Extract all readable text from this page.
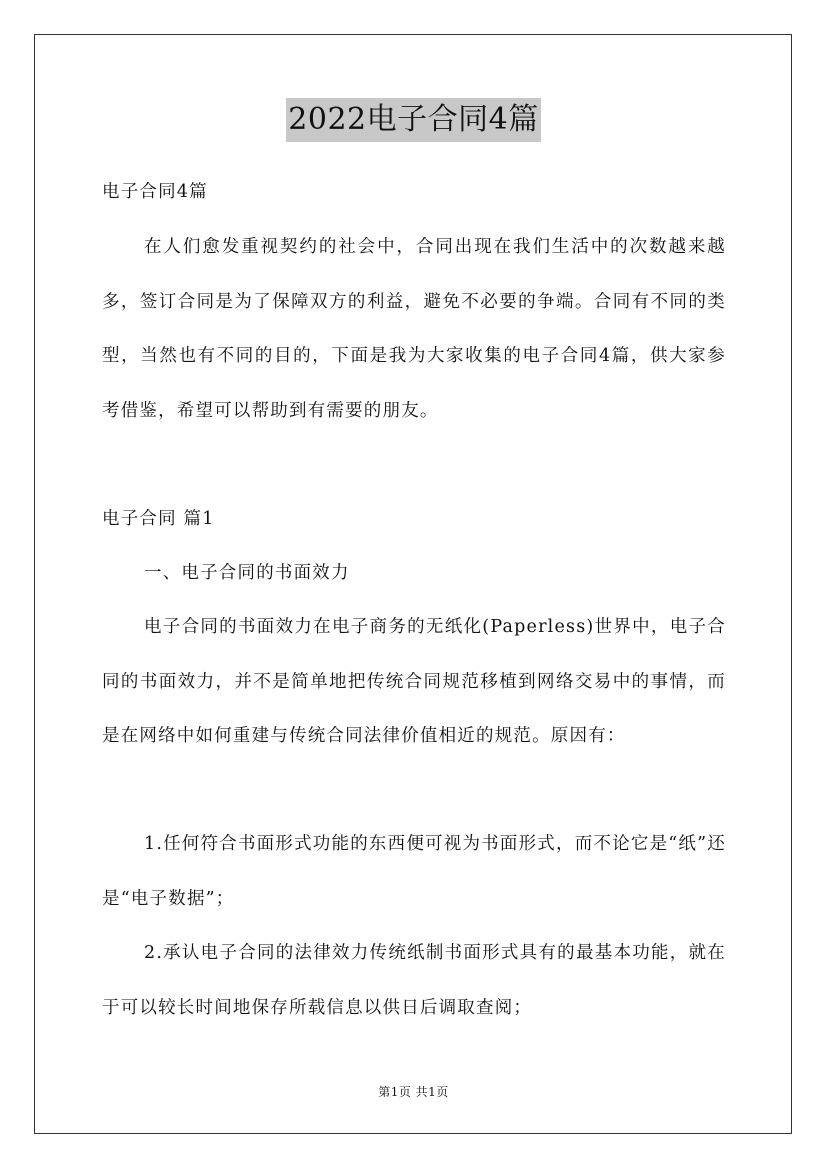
2022电子合同4篇

电子合同4篇

在人们愈发重视契约的社会中，合同出现在我们生活中的次数越来越多，签订合同是为了保障双方的利益，避免不必要的争端。合同有不同的类型，当然也有不同的目的，下面是我为大家收集的电子合同4篇，供大家参考借鉴，希望可以帮助到有需要的朋友。

电子合同 篇1

一、电子合同的书面效力

电子合同的书面效力在电子商务的无纸化(Paperless)世界中，电子合同的书面效力，并不是简单地把传统合同规范移植到网络交易中的事情，而是在网络中如何重建与传统合同法律价值相近的规范。原因有：

1.任何符合书面形式功能的东西便可视为书面形式，而不论它是“纸”还是“电子数据”；

2.承认电子合同的法律效力传统纸制书面形式具有的最基本功能，就在于可以较长时间地保存所载信息以供日后调取查阅；

第1页 共1页
